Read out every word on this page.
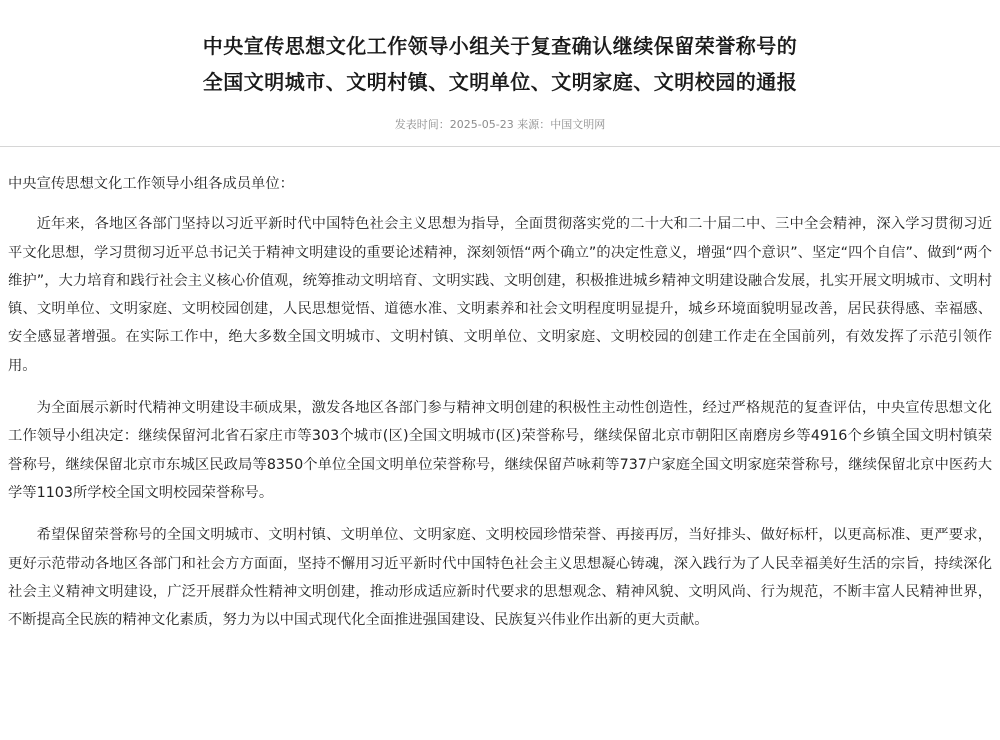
中央宣传思想文化工作领导小组关于复查确认继续保留荣誉称号的
全国文明城市、文明村镇、文明单位、文明家庭、文明校园的通报
发表时间：2025-05-23 来源：中国文明网

中央宣传思想文化工作领导小组各成员单位：

近年来，各地区各部门坚持以习近平新时代中国特色社会主义思想为指导，全面贯彻落实党的二十大和二十届二中、三中全会精神，深入学习贯彻习近平文化思想，学习贯彻习近平总书记关于精神文明建设的重要论述精神，深刻领悟“两个确立”的决定性意义，增强“四个意识”、坚定“四个自信”、做到“两个维护”，大力培育和践行社会主义核心价值观，统筹推动文明培育、文明实践、文明创建，积极推进城乡精神文明建设融合发展，扎实开展文明城市、文明村镇、文明单位、文明家庭、文明校园创建，人民思想觉悟、道德水准、文明素养和社会文明程度明显提升，城乡环境面貌明显改善，居民获得感、幸福感、安全感显著增强。在实际工作中，绝大多数全国文明城市、文明村镇、文明单位、文明家庭、文明校园的创建工作走在全国前列，有效发挥了示范引领作用。

为全面展示新时代精神文明建设丰硕成果，激发各地区各部门参与精神文明创建的积极性主动性创造性，经过严格规范的复查评估，中央宣传思想文化工作领导小组决定：继续保留河北省石家庄市等303个城市(区)全国文明城市(区)荣誉称号，继续保留北京市朝阳区南磨房乡等4916个乡镇全国文明村镇荣誉称号，继续保留北京市东城区民政局等8350个单位全国文明单位荣誉称号，继续保留芦咏莉等737户家庭全国文明家庭荣誉称号，继续保留北京中医药大学等1103所学校全国文明校园荣誉称号。

希望保留荣誉称号的全国文明城市、文明村镇、文明单位、文明家庭、文明校园珍惜荣誉、再接再厉，当好排头、做好标杆，以更高标准、更严要求，更好示范带动各地区各部门和社会方方面面，坚持不懈用习近平新时代中国特色社会主义思想凝心铸魂，深入践行为了人民幸福美好生活的宗旨，持续深化社会主义精神文明建设，广泛开展群众性精神文明创建，推动形成适应新时代要求的思想观念、精神风貌、文明风尚、行为规范，不断丰富人民精神世界，不断提高全民族的精神文化素质，努力为以中国式现代化全面推进强国建设、民族复兴伟业作出新的更大贡献。
